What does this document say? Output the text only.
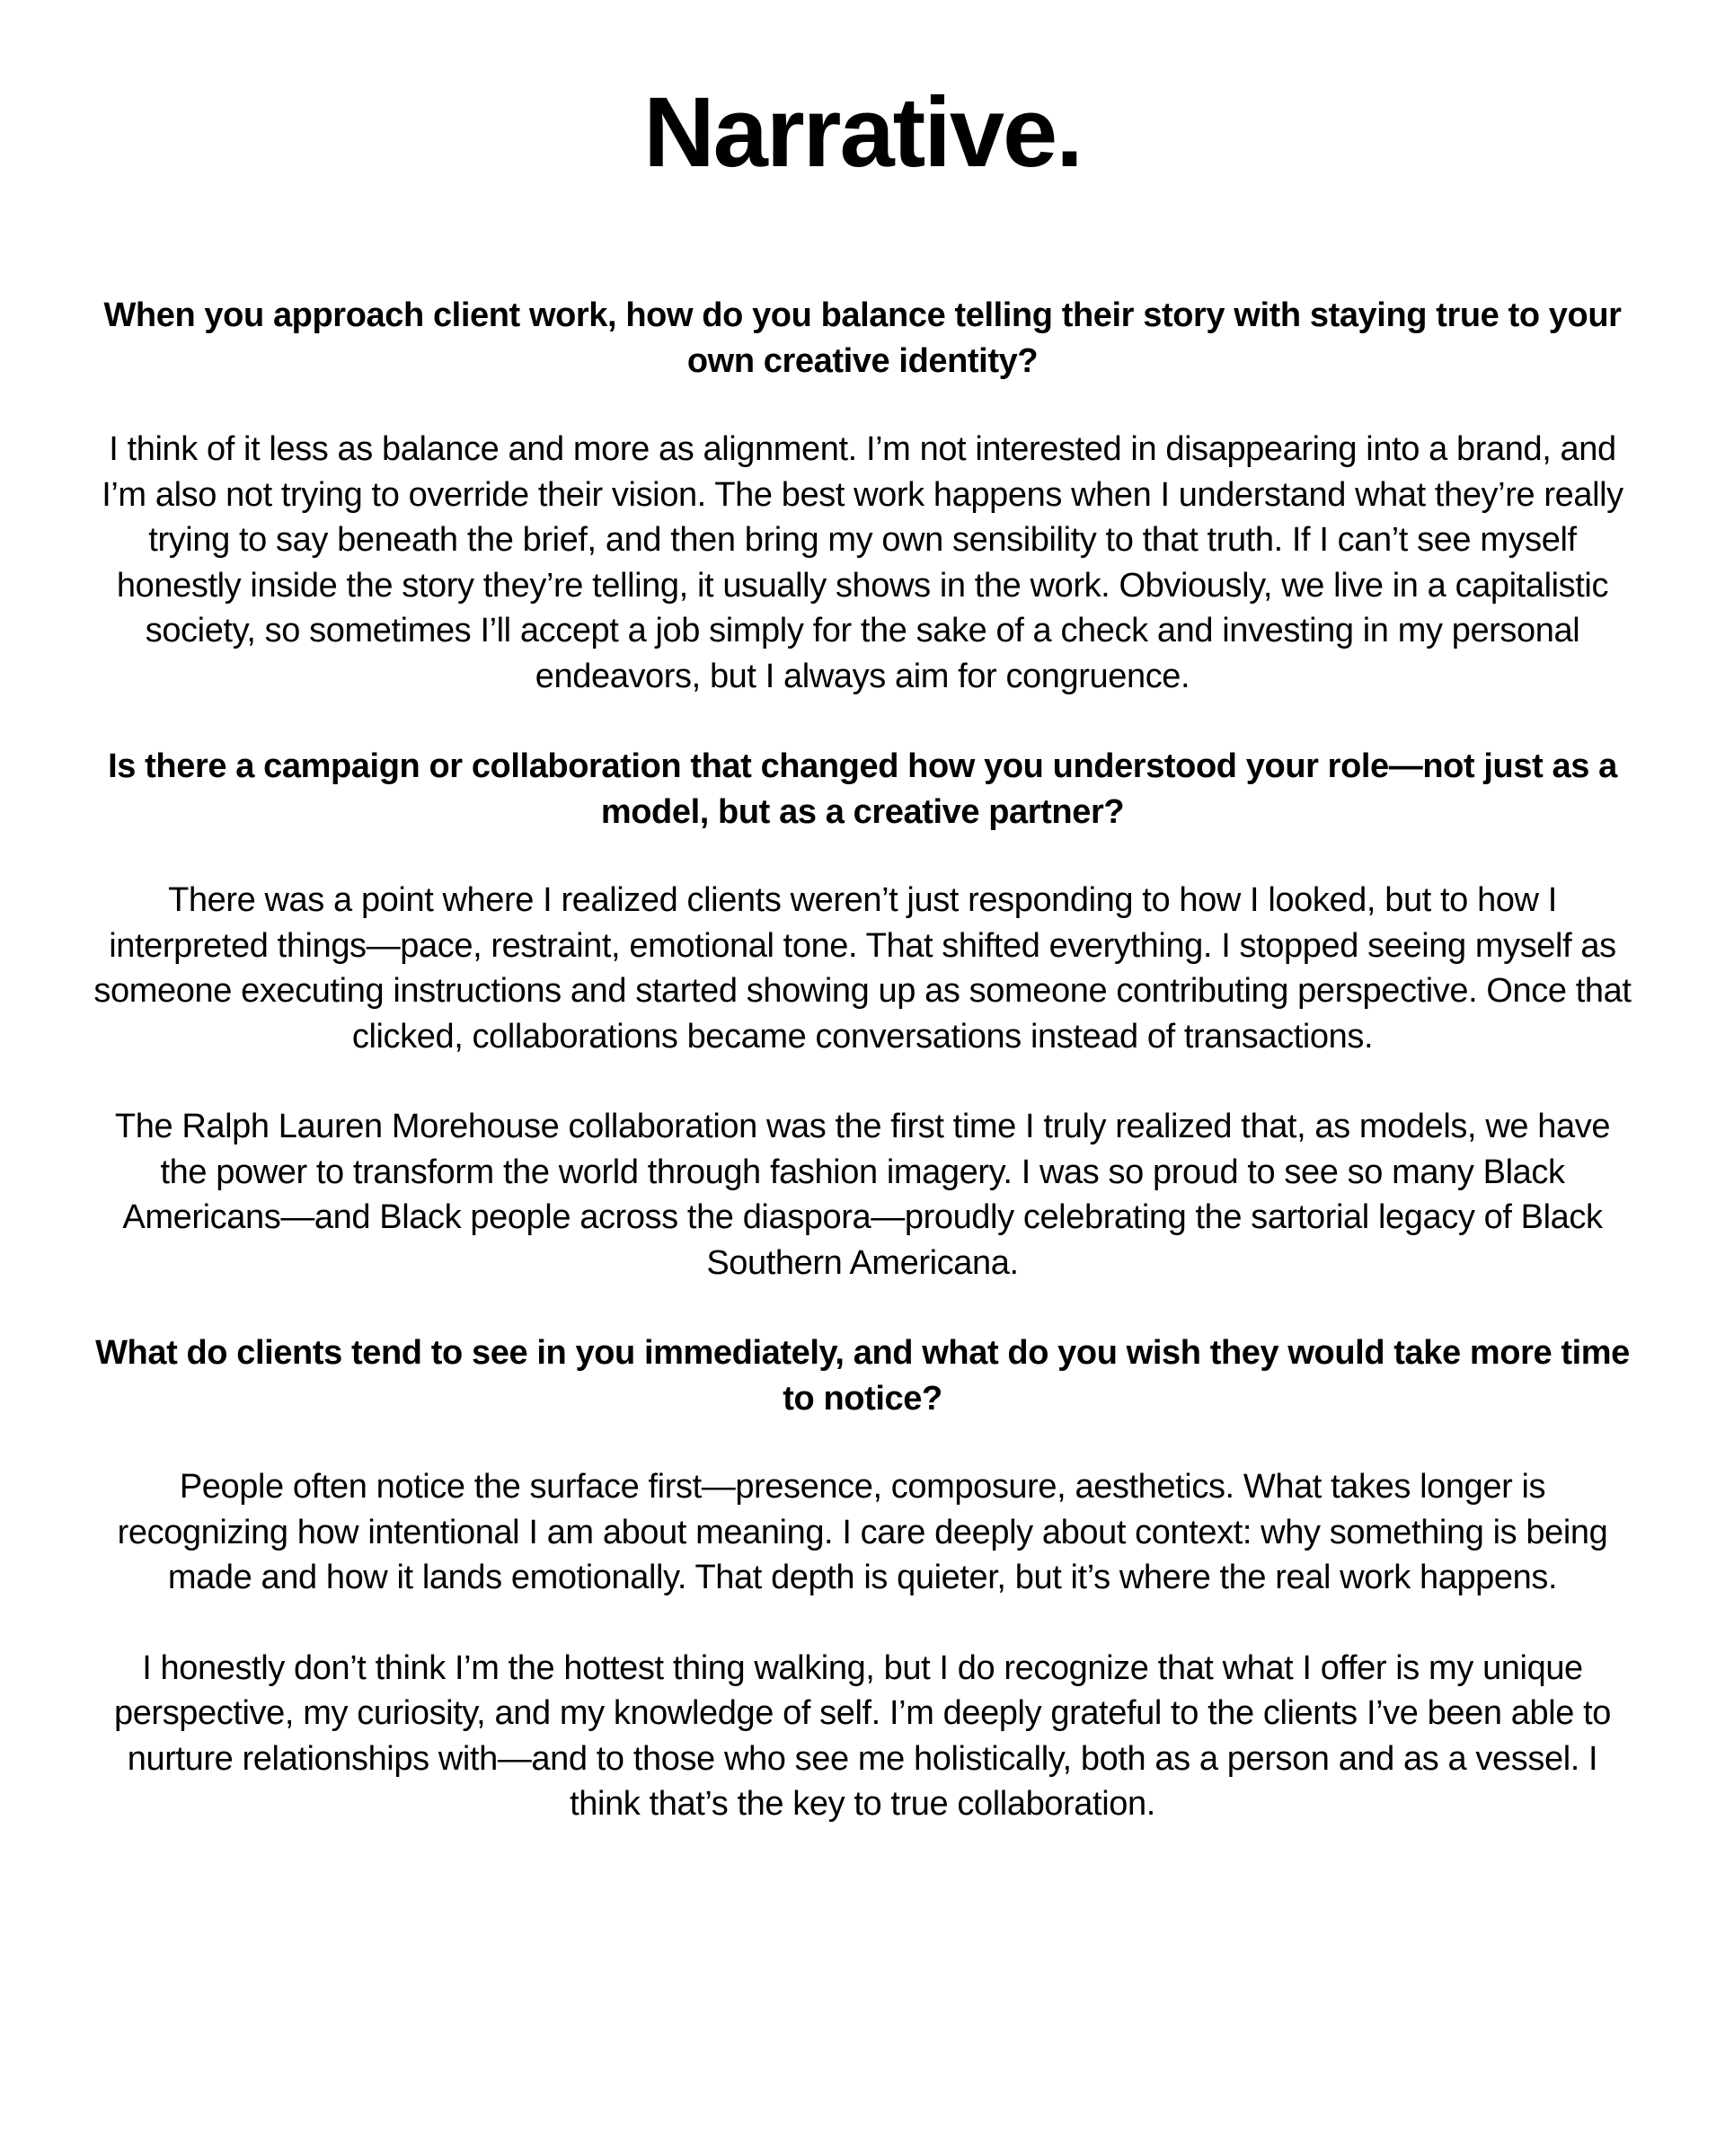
Narrative.

When you approach client work, how do you balance telling their story with staying true to your own creative identity?

I think of it less as balance and more as alignment. I’m not interested in disappearing into a brand, and I’m also not trying to override their vision. The best work happens when I understand what they’re really trying to say beneath the brief, and then bring my own sensibility to that truth. If I can’t see myself honestly inside the story they’re telling, it usually shows in the work. Obviously, we live in a capitalistic society, so sometimes I’ll accept a job simply for the sake of a check and investing in my personal endeavors, but I always aim for congruence.

Is there a campaign or collaboration that changed how you understood your role—not just as a model, but as a creative partner?

There was a point where I realized clients weren’t just responding to how I looked, but to how I interpreted things—pace, restraint, emotional tone. That shifted everything. I stopped seeing myself as someone executing instructions and started showing up as someone contributing perspective. Once that clicked, collaborations became conversations instead of transactions.

The Ralph Lauren Morehouse collaboration was the first time I truly realized that, as models, we have the power to transform the world through fashion imagery. I was so proud to see so many Black Americans—and Black people across the diaspora—proudly celebrating the sartorial legacy of Black Southern Americana.

What do clients tend to see in you immediately, and what do you wish they would take more time to notice?

People often notice the surface first—presence, composure, aesthetics. What takes longer is recognizing how intentional I am about meaning. I care deeply about context: why something is being made and how it lands emotionally. That depth is quieter, but it’s where the real work happens.

I honestly don’t think I’m the hottest thing walking, but I do recognize that what I offer is my unique perspective, my curiosity, and my knowledge of self. I’m deeply grateful to the clients I’ve been able to nurture relationships with—and to those who see me holistically, both as a person and as a vessel. I think that’s the key to true collaboration.
